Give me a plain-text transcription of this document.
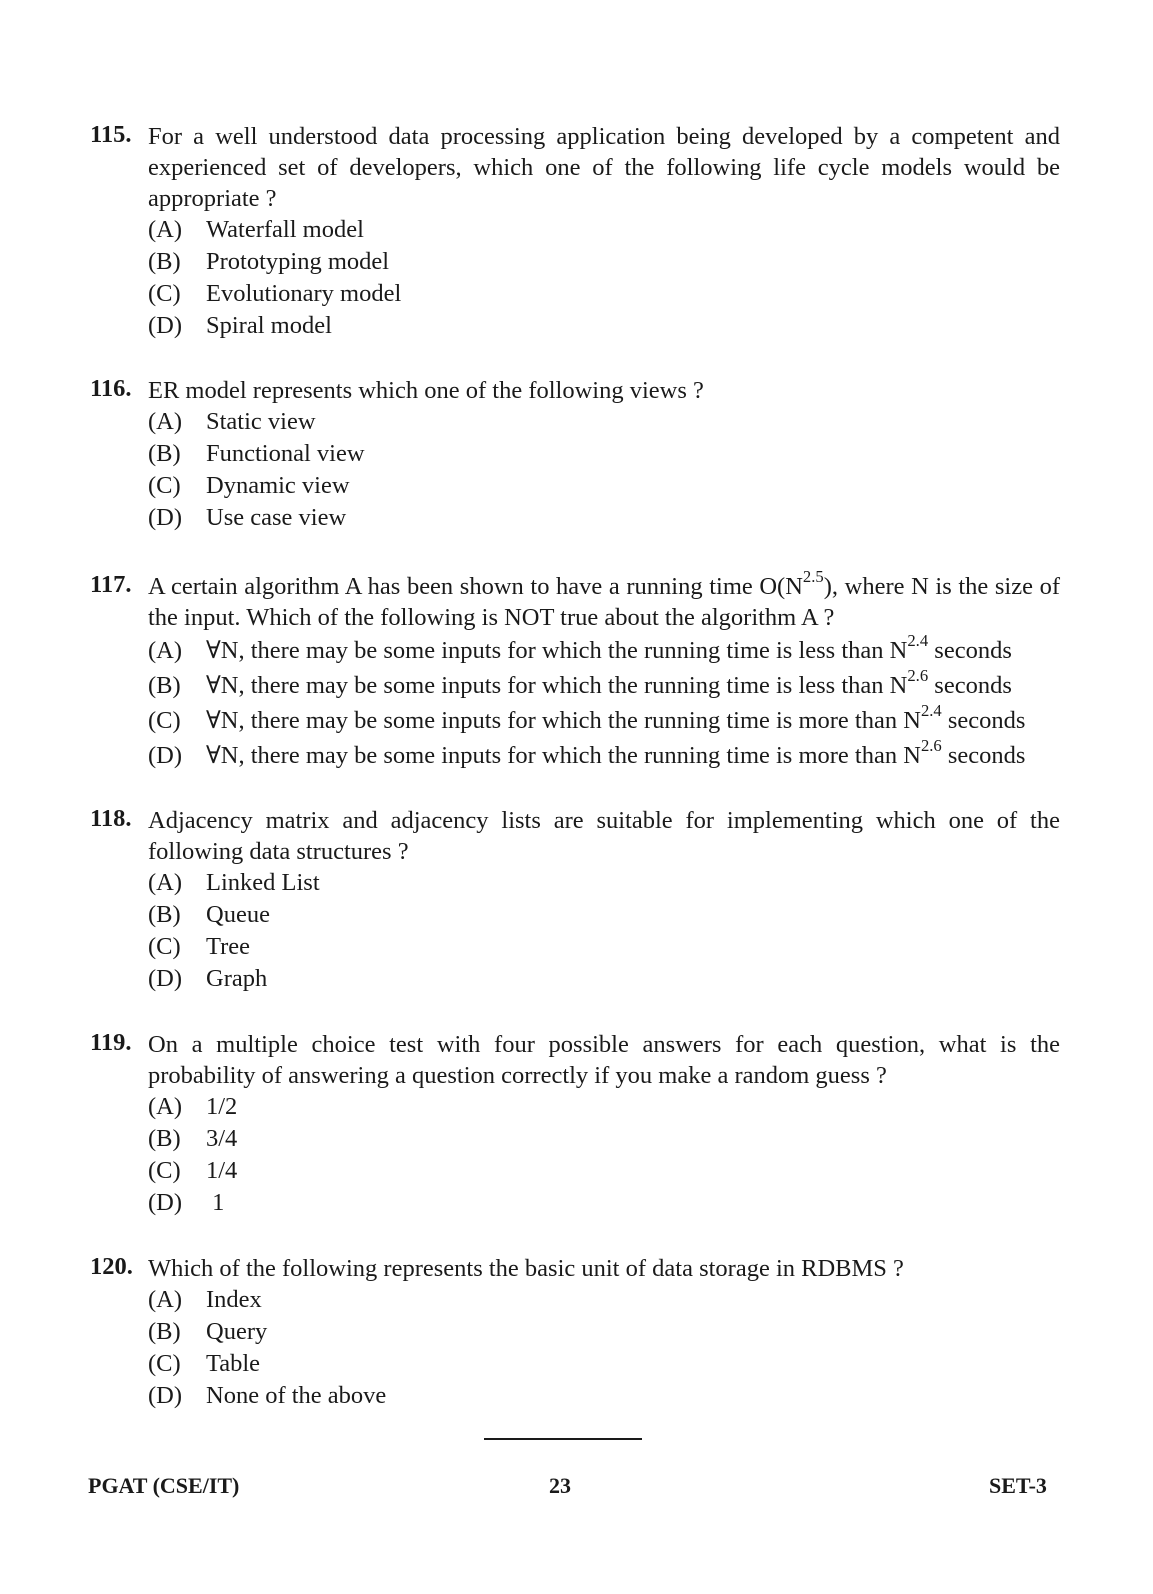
115. For a well understood data processing application being developed by a competent and experienced set of developers, which one of the following life cycle models would be appropriate ?
(A) Waterfall model
(B) Prototyping model
(C) Evolutionary model
(D) Spiral model
116. ER model represents which one of the following views ?
(A) Static view
(B) Functional view
(C) Dynamic view
(D) Use case view
117. A certain algorithm A has been shown to have a running time $O(N^{2.5})$, where N is the size of the input. Which of the following is NOT true about the algorithm A ?
(A) ∀N, there may be some inputs for which the running time is less than $N^{2.4}$ seconds
(B) ∀N, there may be some inputs for which the running time is less than $N^{2.6}$ seconds
(C) ∀N, there may be some inputs for which the running time is more than $N^{2.4}$ seconds
(D) ∀N, there may be some inputs for which the running time is more than $N^{2.6}$ seconds
118. Adjacency matrix and adjacency lists are suitable for implementing which one of the following data structures ?
(A) Linked List
(B) Queue
(C) Tree
(D) Graph
119. On a multiple choice test with four possible answers for each question, what is the probability of answering a question correctly if you make a random guess ?
(A) 1/2
(B) 3/4
(C) 1/4
(D) 1
120. Which of the following represents the basic unit of data storage in RDBMS ?
(A) Index
(B) Query
(C) Table
(D) None of the above
PGAT (CSE/IT)	23	SET-3
